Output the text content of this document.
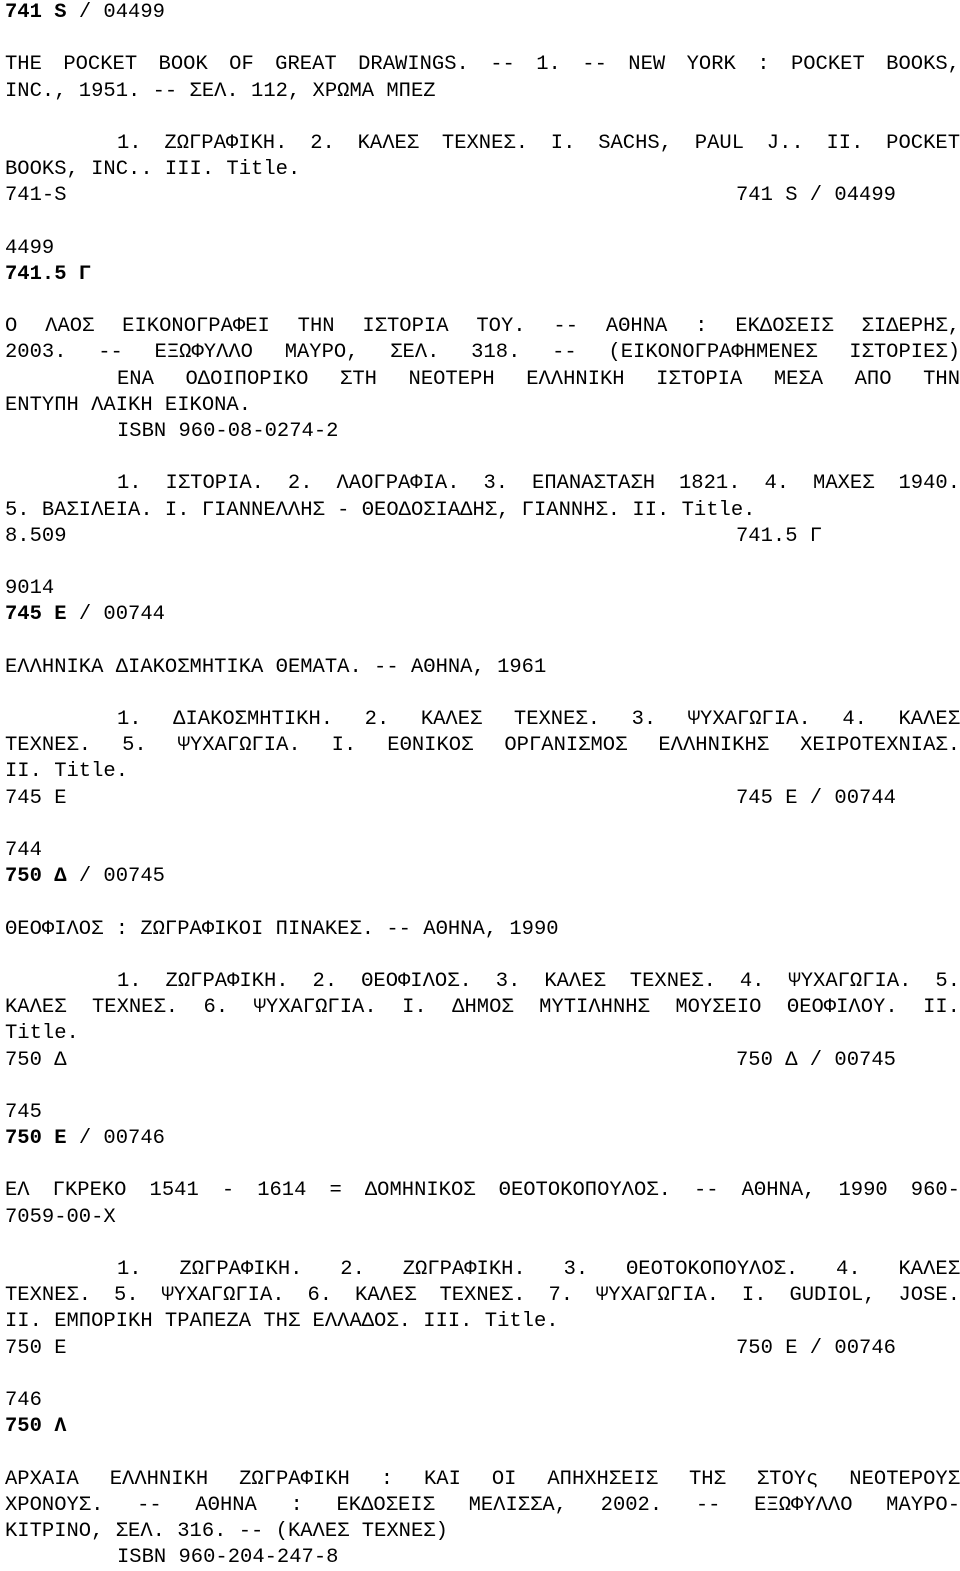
741 S / 04499
THE POCKET BOOK OF GREAT DRAWINGS. -- 1. -- NEW YORK : POCKET BOOKS,
INC., 1951. -- ΣΕΛ. 112, ΧΡΩΜΑ ΜΠΕΖ
1. ΖΩΓΡΑΦΙΚΗ. 2. ΚΑΛΕΣ ΤΕΧΝΕΣ. I. SACHS, PAUL J.. II. POCKET
BOOKS, INC.. III. Title.
741-S	741 S / 04499
4499
741.5 Γ
Ο ΛΑΟΣ ΕΙΚΟΝΟΓΡΑΦΕΙ ΤΗΝ ΙΣΤΟΡΙΑ ΤΟΥ. -- ΑΘΗΝΑ : ΕΚΔΟΣΕΙΣ ΣΙΔΕΡΗΣ,
2003. -- ΕΞΩΦΥΛΛΟ ΜΑΥΡΟ, ΣΕΛ. 318. -- (ΕΙΚΟΝΟΓΡΑΦΗΜΕΝΕΣ ΙΣΤΟΡΙΕΣ)
ΕΝΑ ΟΔΟΙΠΟΡΙΚΟ ΣΤΗ ΝΕΟΤΕΡΗ ΕΛΛΗΝΙΚΗ ΙΣΤΟΡΙΑ ΜΕΣΑ ΑΠΟ ΤΗΝ
ΕΝΤΥΠΗ ΛΑΙΚΗ ΕΙΚΟΝΑ.
ISBN 960-08-0274-2
1. ΙΣΤΟΡΙΑ. 2. ΛΑΟΓΡΑΦΙΑ. 3. ΕΠΑΝΑΣΤΑΣΗ 1821. 4. ΜΑΧΕΣ 1940.
5. ΒΑΣΙΛΕΙΑ. I. ΓΙΑΝΝΕΛΛΗΣ - ΘΕΟΔΟΣΙΑΔΗΣ, ΓΙΑΝΝΗΣ. II. Title.
8.509	741.5 Γ
9014
745 Ε / 00744
ΕΛΛΗΝΙΚΑ ΔΙΑΚΟΣΜΗΤΙΚΑ ΘΕΜΑΤΑ. -- ΑΘΗΝΑ, 1961
1. ΔΙΑΚΟΣΜΗΤΙΚΗ. 2. ΚΑΛΕΣ ΤΕΧΝΕΣ. 3. ΨΥΧΑΓΩΓΙΑ. 4. ΚΑΛΕΣ
ΤΕΧΝΕΣ. 5. ΨΥΧΑΓΩΓΙΑ. I. ΕΘΝΙΚΟΣ ΟΡΓΑΝΙΣΜΟΣ ΕΛΛΗΝΙΚΗΣ ΧΕΙΡΟΤΕΧΝΙΑΣ.
II. Title.
745 Ε	745 Ε / 00744
744
750 Δ / 00745
ΘΕΟΦΙΛΟΣ : ΖΩΓΡΑΦΙΚΟΙ ΠΙΝΑΚΕΣ. -- ΑΘΗΝΑ, 1990
1. ΖΩΓΡΑΦΙΚΗ. 2. ΘΕΟΦΙΛΟΣ. 3. ΚΑΛΕΣ ΤΕΧΝΕΣ. 4. ΨΥΧΑΓΩΓΙΑ. 5.
ΚΑΛΕΣ ΤΕΧΝΕΣ. 6. ΨΥΧΑΓΩΓΙΑ. I. ΔΗΜΟΣ ΜΥΤΙΛΗΝΗΣ ΜΟΥΣΕΙΟ ΘΕΟΦΙΛΟΥ. II.
Title.
750 Δ	750 Δ / 00745
745
750 Ε / 00746
ΕΛ ΓΚΡΕΚΟ 1541 - 1614 = ΔΟΜΗΝΙΚΟΣ ΘΕΟΤΟΚΟΠΟΥΛΟΣ. -- ΑΘΗΝΑ, 1990 960-
7059-00-X
1. ΖΩΓΡΑΦΙΚΗ. 2. ΖΩΓΡΑΦΙΚΗ. 3. ΘΕΟΤΟΚΟΠΟΥΛΟΣ. 4. ΚΑΛΕΣ
ΤΕΧΝΕΣ. 5. ΨΥΧΑΓΩΓΙΑ. 6. ΚΑΛΕΣ ΤΕΧΝΕΣ. 7. ΨΥΧΑΓΩΓΙΑ. I. GUDIOL, JOSE.
II. ΕΜΠΟΡΙΚΗ ΤΡΑΠΕΖΑ ΤΗΣ ΕΛΛΑΔΟΣ. III. Title.
750 Ε	750 Ε / 00746
746
750 Λ
ΑΡΧΑΙΑ ΕΛΛΗΝΙΚΗ ΖΩΓΡΑΦΙΚΗ : ΚΑΙ ΟΙ ΑΠΗΧΗΣΕΙΣ ΤΗΣ ΣΤΟΥς ΝΕΟΤΕΡΟΥΣ
ΧΡΟΝΟΥΣ. -- ΑΘΗΝΑ : ΕΚΔΟΣΕΙΣ ΜΕΛΙΣΣΑ, 2002. -- ΕΞΩΦΥΛΛΟ ΜΑΥΡΟ-
ΚΙΤΡΙΝΟ, ΣΕΛ. 316. -- (ΚΑΛΕΣ ΤΕΧΝΕΣ)
ISBN 960-204-247-8
